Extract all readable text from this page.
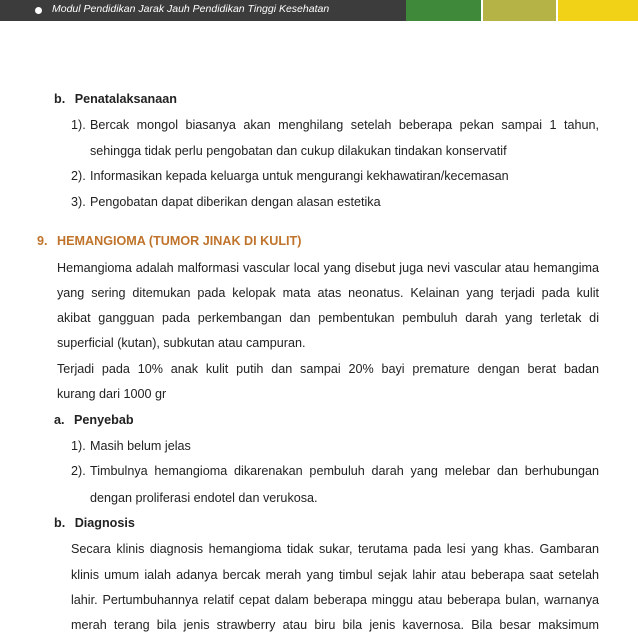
Modul Pendidikan Jarak Jauh Pendidikan Tinggi Kesehatan
b. Penatalaksanaan
1). Bercak mongol biasanya akan menghilang setelah beberapa pekan sampai 1 tahun,
sehingga tidak perlu pengobatan dan cukup dilakukan tindakan konservatif
2). Informasikan kepada keluarga untuk mengurangi kekhawatiran/kecemasan
3). Pengobatan dapat diberikan dengan alasan estetika
9. HEMANGIOMA (TUMOR JINAK DI KULIT)
Hemangioma adalah malformasi vascular local yang disebut juga nevi vascular atau hemangima
yang sering ditemukan pada kelopak mata atas neonatus. Kelainan yang terjadi pada kulit
akibat gangguan pada perkembangan dan pembentukan pembuluh darah yang terletak di
superficial (kutan), subkutan atau campuran.
Terjadi pada 10% anak kulit putih dan sampai 20% bayi premature dengan berat badan
kurang dari 1000 gr
a. Penyebab
1). Masih belum jelas
2). Timbulnya hemangioma dikarenakan pembuluh darah yang melebar dan berhubungan
dengan proliferasi endotel dan verukosa.
b. Diagnosis
Secara klinis diagnosis hemangioma tidak sukar, terutama pada lesi yang khas. Gambaran
klinis umum ialah adanya bercak merah yang timbul sejak lahir atau beberapa saat setelah
lahir. Pertumbuhannya relatif cepat dalam beberapa minggu atau beberapa bulan, warnanya
merah terang bila jenis strawberry atau biru bila jenis kavernosa. Bila besar maksimum
